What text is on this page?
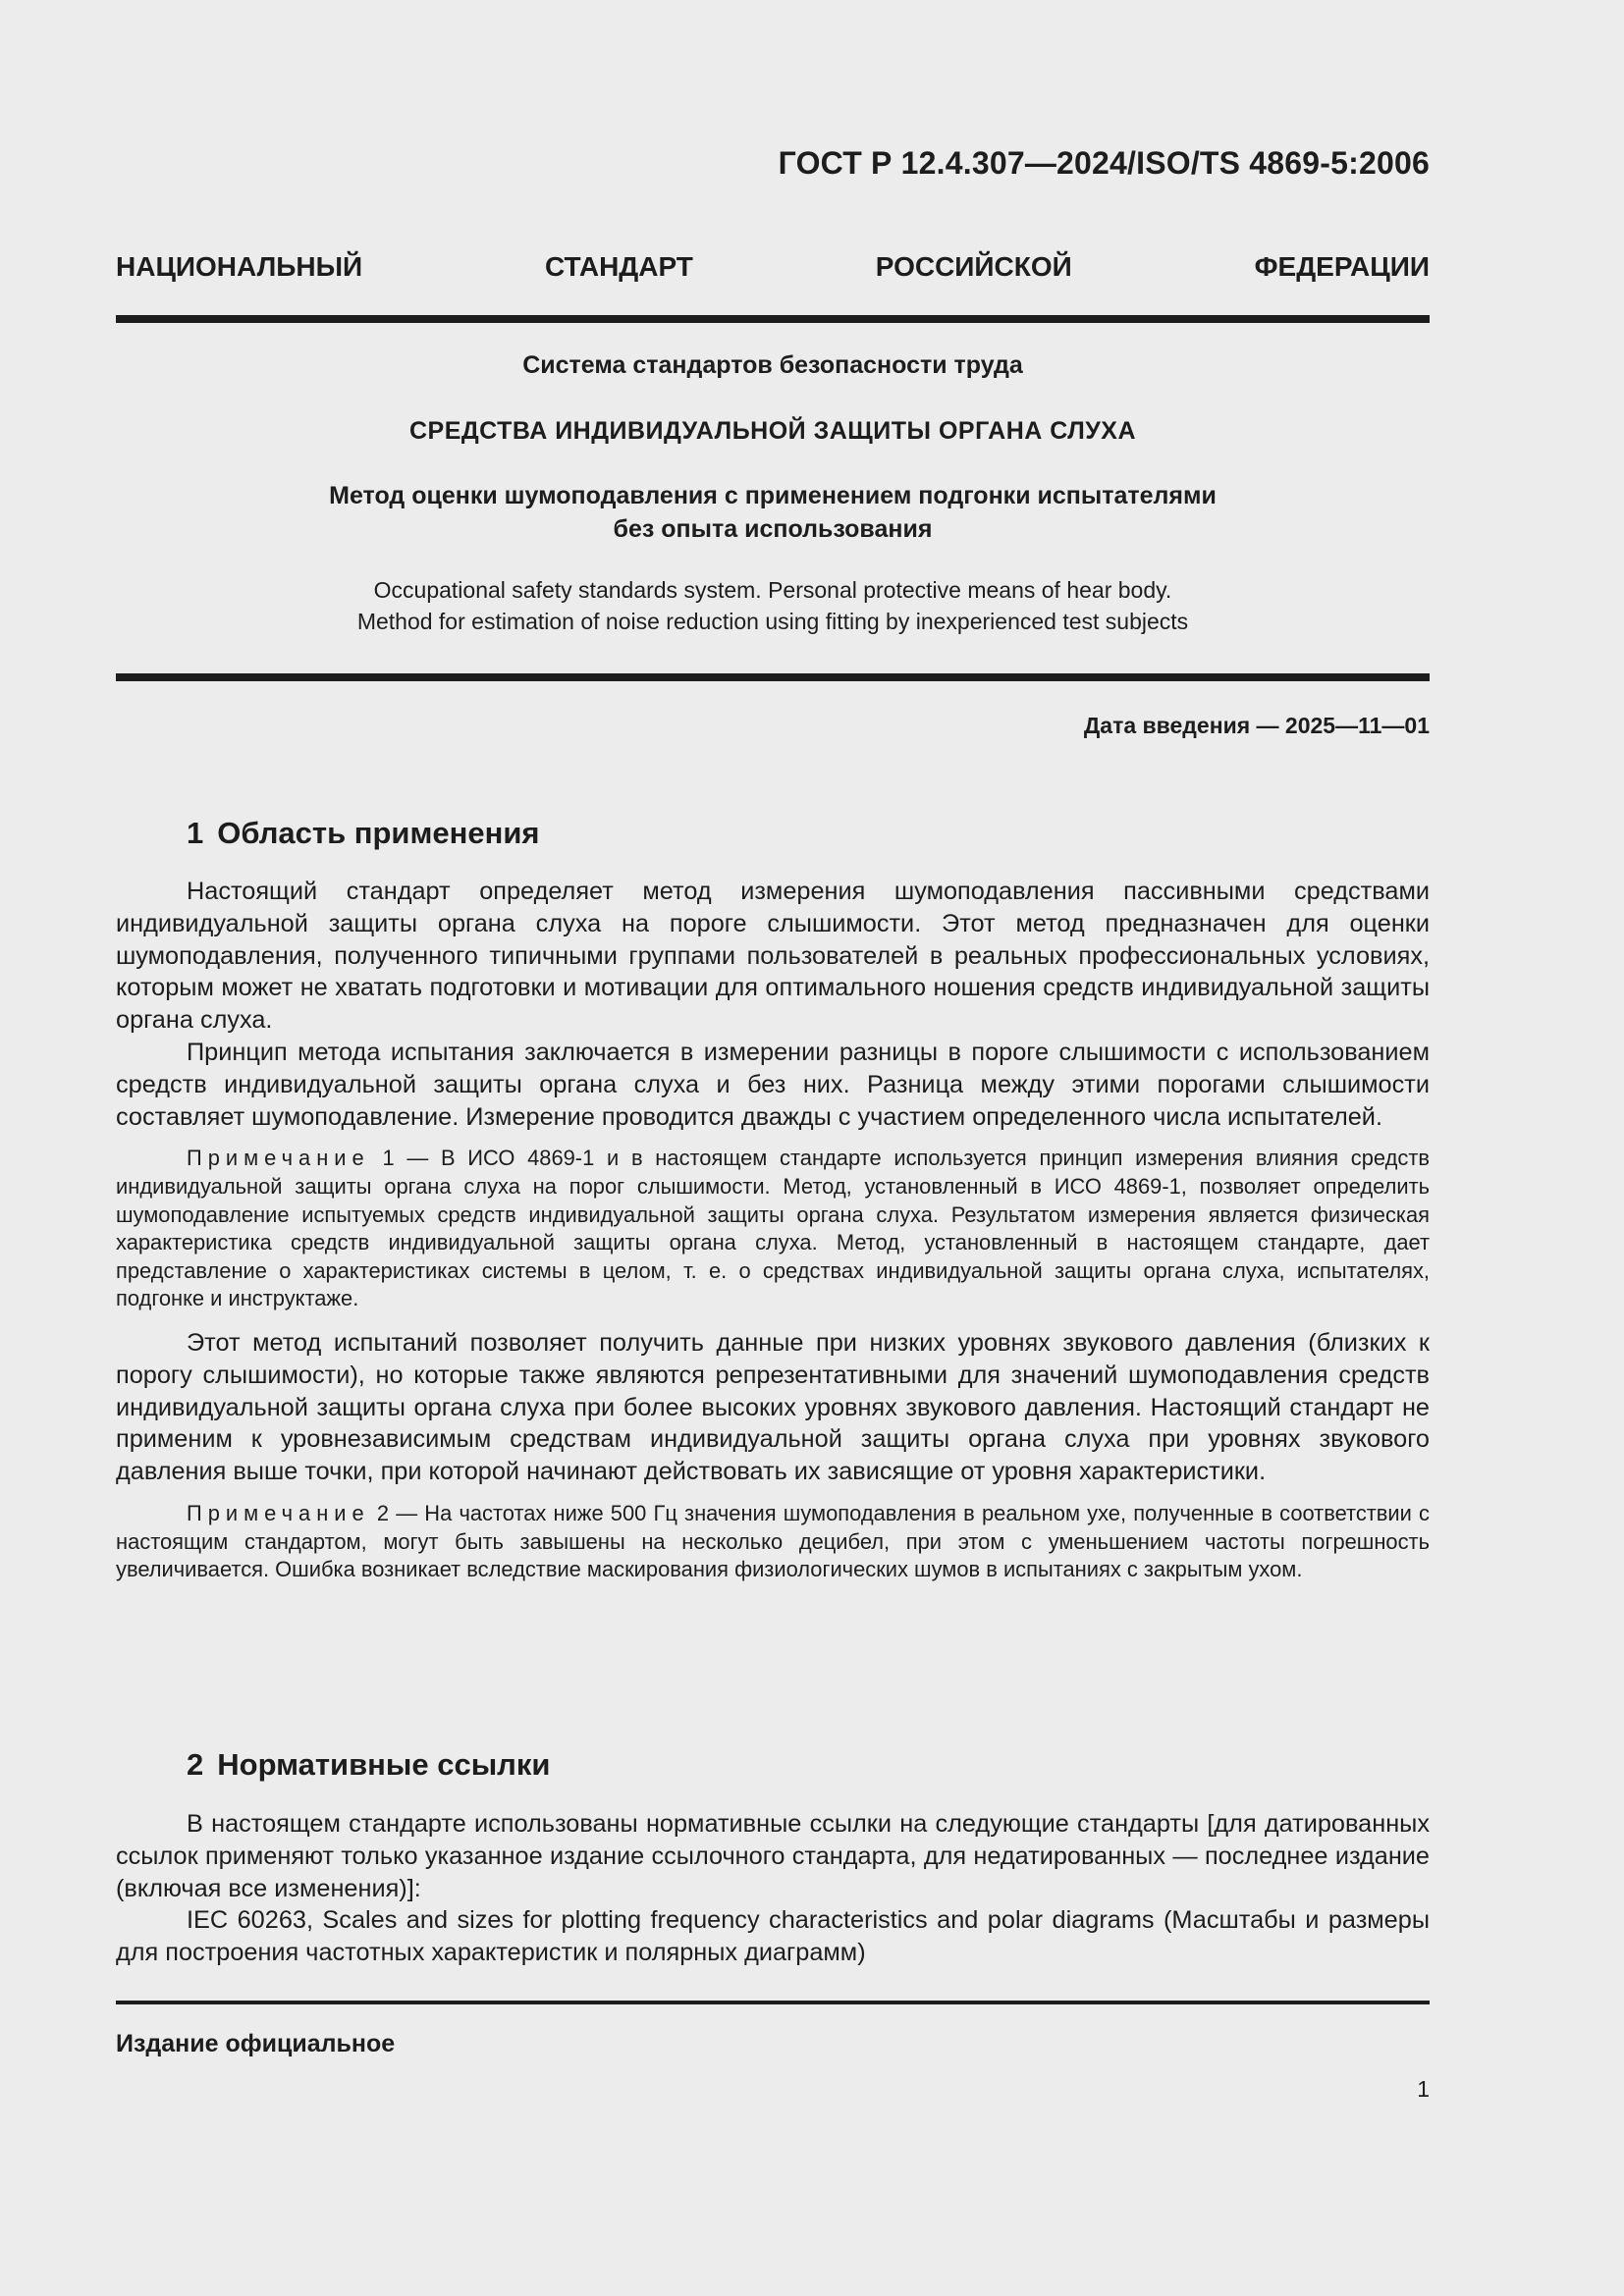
ГОСТ Р 12.4.307—2024/ISO/TS 4869-5:2006
НАЦИОНАЛЬНЫЙ	СТАНДАРТ	РОССИЙСКОЙ	ФЕДЕРАЦИИ
Система стандартов безопасности труда
СРЕДСТВА ИНДИВИДУАЛЬНОЙ ЗАЩИТЫ ОРГАНА СЛУХА
Метод оценки шумоподавления с применением подгонки испытателями
без опыта использования
Occupational safety standards system. Personal protective means of hear body.
Method for estimation of noise reduction using fitting by inexperienced test subjects
Дата введения — 2025—11—01
1 Область применения

Настоящий стандарт определяет метод измерения шумоподавления пассивными средствами индивидуальной защиты органа слуха на пороге слышимости. Этот метод предназначен для оценки шумоподавления, полученного типичными группами пользователей в реальных профессиональных условиях, которым может не хватать подготовки и мотивации для оптимального ношения средств индивидуальной защиты органа слуха.

Принцип метода испытания заключается в измерении разницы в пороге слышимости с использованием средств индивидуальной защиты органа слуха и без них. Разница между этими порогами слышимости составляет шумоподавление. Измерение проводится дважды с участием определенного числа испытателей.

Примечание 1 — В ИСО 4869-1 и в настоящем стандарте используется принцип измерения влияния средств индивидуальной защиты органа слуха на порог слышимости. Метод, установленный в ИСО 4869-1, позволяет определить шумоподавление испытуемых средств индивидуальной защиты органа слуха. Результатом измерения является физическая характеристика средств индивидуальной защиты органа слуха. Метод, установленный в настоящем стандарте, дает представление о характеристиках системы в целом, т. е. о средствах индивидуальной защиты органа слуха, испытателях, подгонке и инструктаже.

Этот метод испытаний позволяет получить данные при низких уровнях звукового давления (близких к порогу слышимости), но которые также являются репрезентативными для значений шумоподавления средств индивидуальной защиты органа слуха при более высоких уровнях звукового давления. Настоящий стандарт не применим к уровнезависимым средствам индивидуальной защиты органа слуха при уровнях звукового давления выше точки, при которой начинают действовать их зависящие от уровня характеристики.

Примечание 2 — На частотах ниже 500 Гц значения шумоподавления в реальном ухе, полученные в соответствии с настоящим стандартом, могут быть завышены на несколько децибел, при этом с уменьшением частоты погрешность увеличивается. Ошибка возникает вследствие маскирования физиологических шумов в испытаниях с закрытым ухом.

2 Нормативные ссылки

В настоящем стандарте использованы нормативные ссылки на следующие стандарты [для датированных ссылок применяют только указанное издание ссылочного стандарта, для недатированных — последнее издание (включая все изменения)]:

IEC 60263, Scales and sizes for plotting frequency characteristics and polar diagrams (Масштабы и размеры для построения частотных характеристик и полярных диаграмм)

Издание официальное
1
